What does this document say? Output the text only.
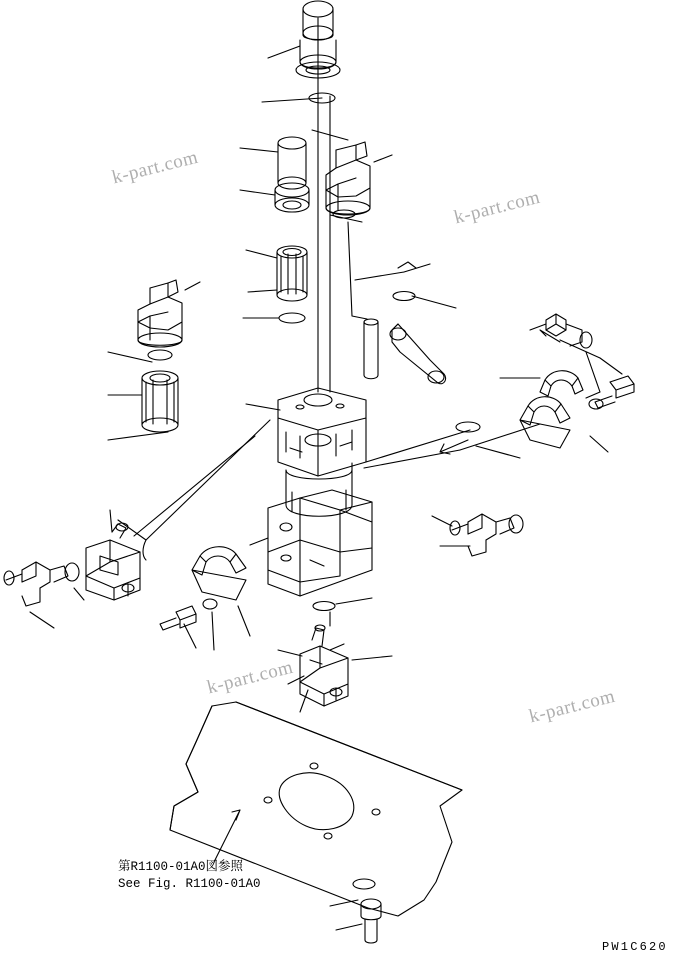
k-part.com
k-part.com
k-part.com
k-part.com
第R1100-01A0図参照
See Fig. R1100-01A0
PW1C620
